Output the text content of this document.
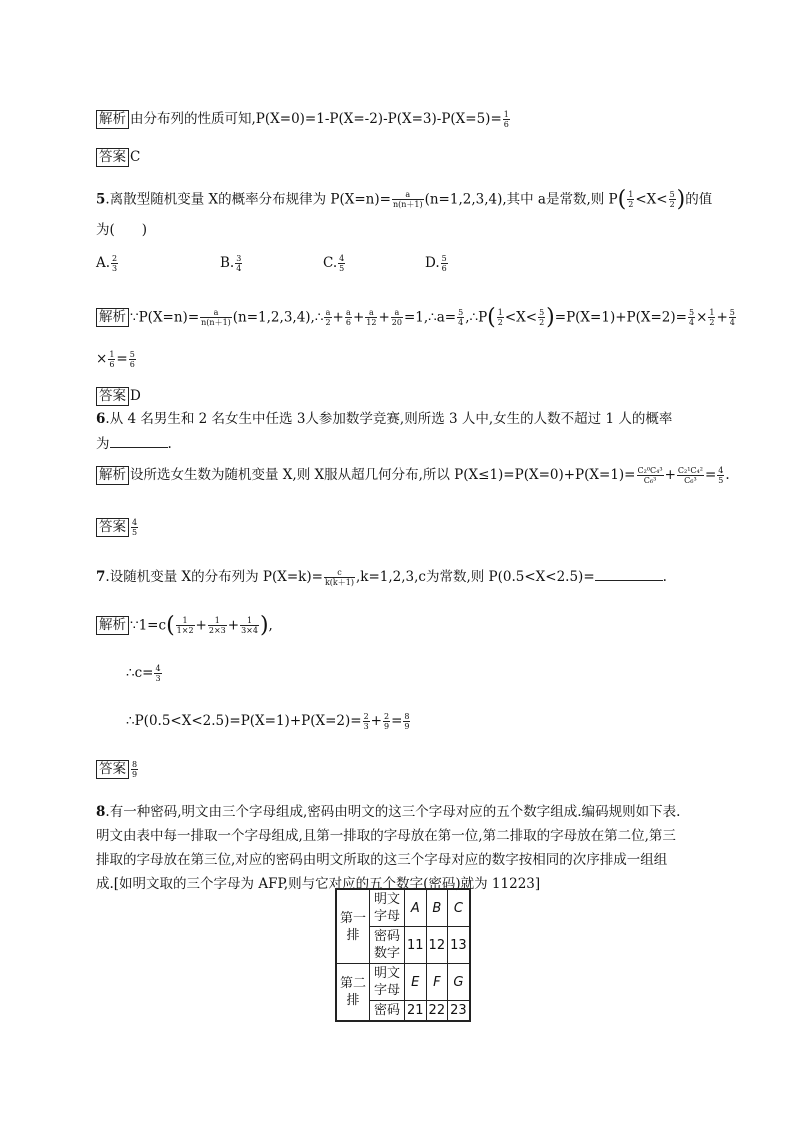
解析 由分布列的性质可知$,P(X=0)=1-P(X=-2)-P(X=3)-P(X=5)= \frac{1}{6}$
答案 C
5.离散型随机变量 X的概率分布规律为 $P(X=n)= \frac{a}{n(n+1)} (n=1,2,3,4)$,其中 a是常数,则 $P( \frac{1}{2} <X< \frac{5}{2}$ )的值
为(　　)
A. $\frac{2}{3}$	B. $\frac{3}{4}$	C. $\frac{4}{5}$	D. $\frac{5}{6}$
解析 ∵P(X=n)= $\frac{a}{n(n+1)}$ (n=1,2,3,4),∴ $\frac{a}{2} + \frac{a}{6} + \frac{a}{12} + \frac{a}{20}$ =1,∴a= $\frac{5}{4}$ ,∴P( $\frac{1}{2} <X< \frac{5}{2} )=P(X=1)+P(X=2)= \frac{5}{4} \times \frac{1}{2} + \frac{5}{4}$
× $\frac{1}{6} = \frac{5}{6}$
答案 D
6.从 4 名男生和 2 名女生中任选 3人参加数学竞赛,则所选 3 人中,女生的人数不超过 1 人的概率
为	.
解析 设所选女生数为随机变量 X,则 X服从超几何分布,所以 $P(X\le 1)=P(X=0)+P(X=1)= \frac{\text{C₂⁰C₄³}}{\text{C₆³}} + \frac{\text{C₂¹C₄²}}{\text{C₆³}} = \frac{4}{5}$ .
答案 $\frac{4}{5}$
7.设随机变量 X的分布列为 $P(X=k)= \frac{c}{k(k+1)} ,k=1,2,3,c$为常数,则 P(0.5<X<2.5)=	.
解析 ∵1=c( $\frac{1}{1\times 2} + \frac{1}{2\times 3} + \frac{1}{3\times 4}$ ),
∴c= $\frac{4}{3}$
∴P(0.5<X<2.5)=P(X=1)+P(X=2)= $\frac{2}{3} + \frac{2}{9} = \frac{8}{9}$
答案 $\frac{8}{9}$
8.有一种密码,明文由三个字母组成,密码由明文的这三个字母对应的五个数字组成.编码规则如下表.
明文由表中每一排取一个字母组成,且第一排取的字母放在第一位,第二排取的字母放在第二位,第三
排取的字母放在第三位,对应的密码由明文所取的这三个字母对应的数字按相同的次序排成一组组
成.[如明文取的三个字母为 AFP,则与它对应的五个数字(密码)就为 11223]
第一排	明文字母	A	B	C
	密码数字	11	12	13
第二排	明文字母	E	F	G
	密码	21	22	23
